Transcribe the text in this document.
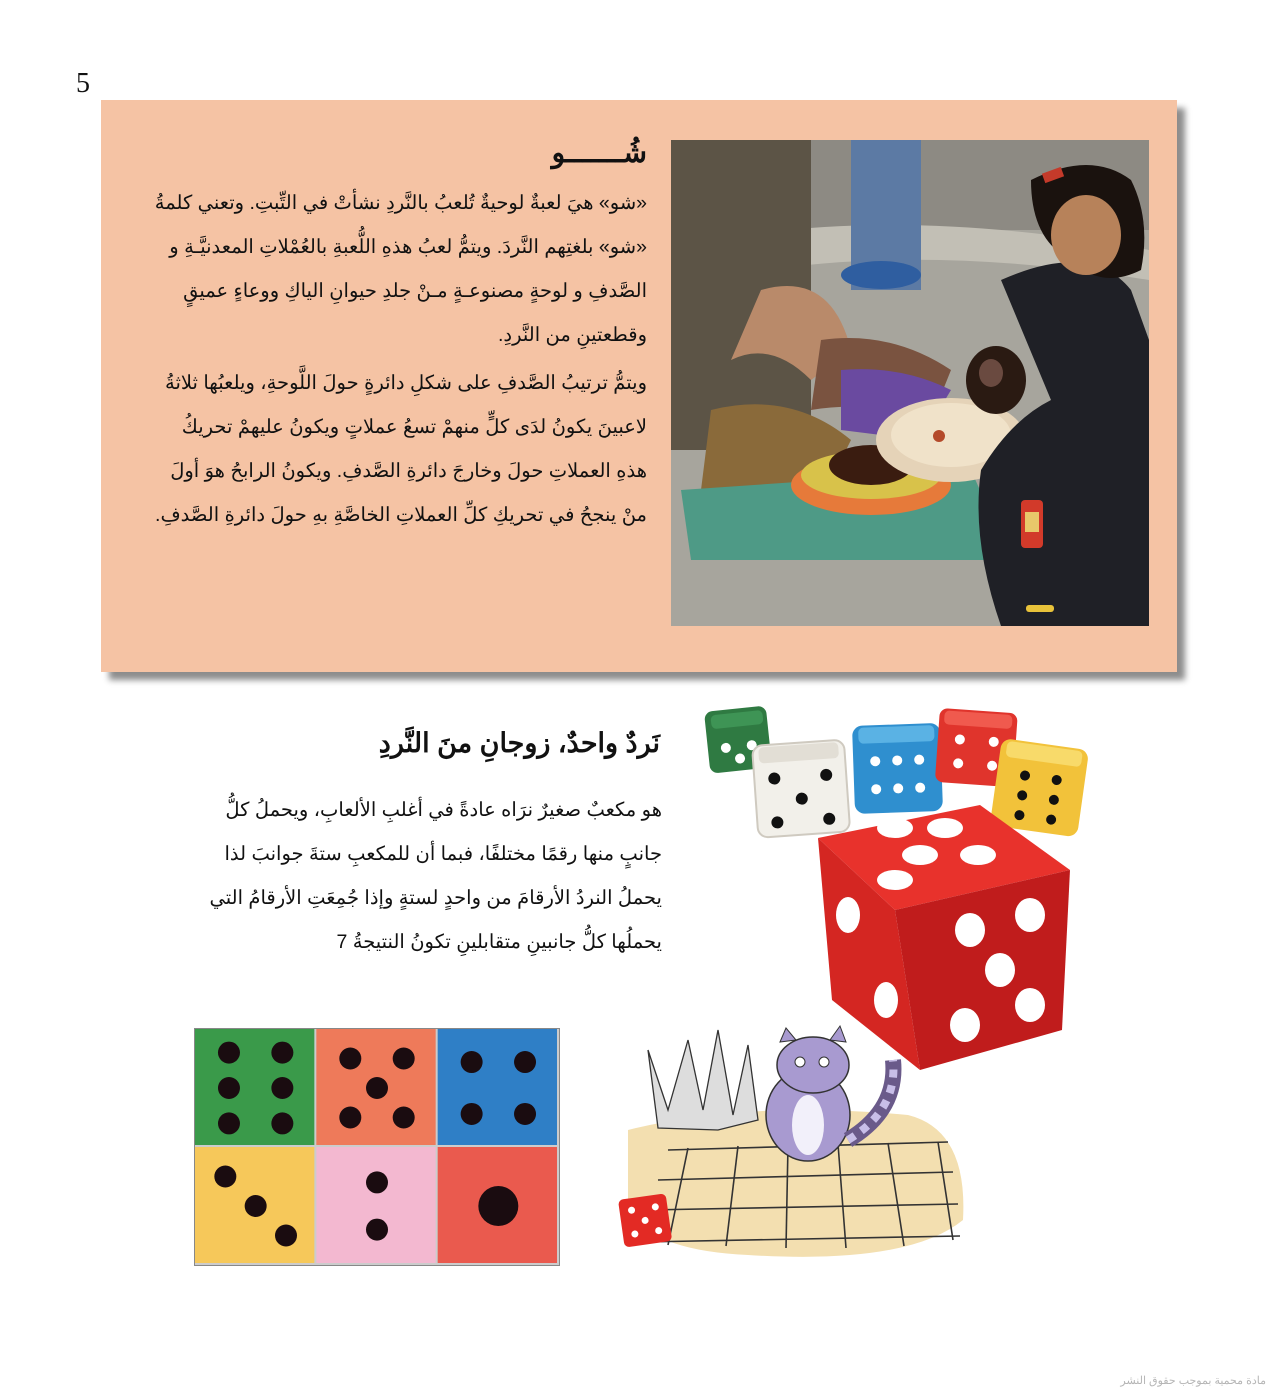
5
شُـــــــو

«شو» هيَ لعبةٌ لوحيةٌ تُلعبُ بالنَّردِ نشأتْ في التِّبتِ. وتعني كلمةُ «شو» بلغتِهم النَّردَ. ويتمُّ لعبُ هذهِ اللُّعبةِ بالعُمْلاتِ المعدنيَّـةِ و الصَّدفِ و لوحةٍ مصنوعـةٍ مـنْ جلدِ حيوانِ الياكِ ووعاءٍ عميقٍ وقطعتينِ من النَّردِ.

ويتمُّ ترتيبُ الصَّدفِ على شكلِ دائرةٍ حولَ اللَّوحةِ، ويلعبُها ثلاثةُ لاعبينَ يكونُ لدَى كلٍّ منهمْ تسعُ عملاتٍ ويكونُ عليهمْ تحريكُ هذهِ العملاتِ حولَ وخارجَ دائرةِ الصَّدفِ. ويكونُ الرابحُ هوَ أولَ منْ ينجحُ في تحريكِ كلِّ العملاتِ الخاصَّةِ بهِ حولَ دائرةِ الصَّدفِ.

نَردٌ واحدٌ، زوجانِ منَ النَّردِ

هو مكعبٌ صغيرٌ نرَاه عادةً في أغلبِ الألعابِ، ويحملُ كلُّ جانبٍ منها رقمًا مختلفًا، فبما أن للمكعبِ ستةَ جوانبَ لذا يحملُ النردُ الأرقامَ من واحدٍ لستةٍ وإذا جُمِعَتِ الأرقامُ التي يحملُها كلُّ جانبينِ متقابلينِ تكونُ النتيجةُ 7

مادة محمية بموجب حقوق النشر
